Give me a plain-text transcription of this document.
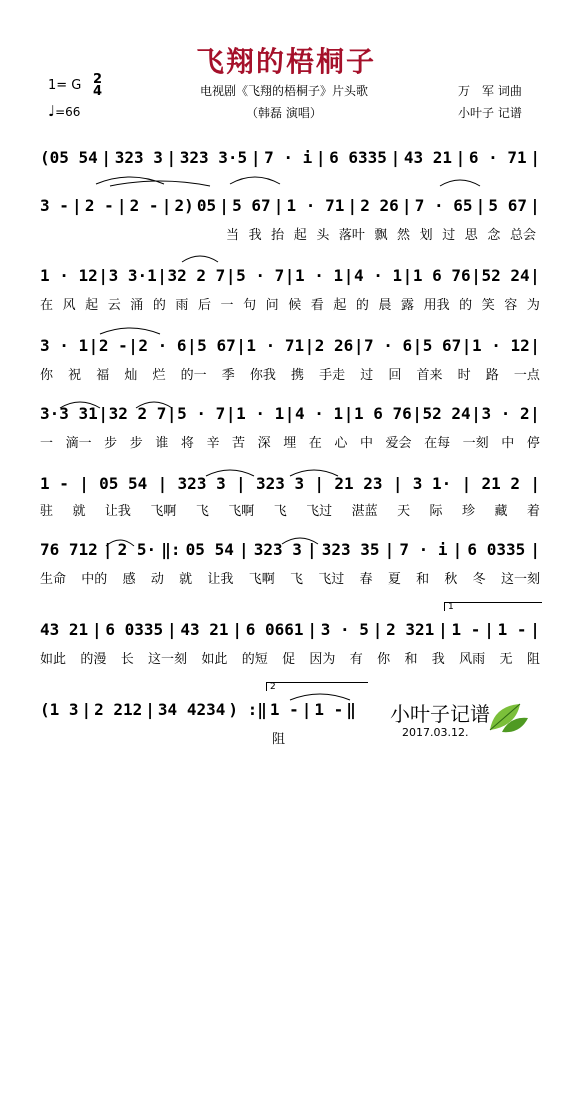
飞翔的梧桐子
1= G 2
4
♩=66
电视剧《飞翔的梧桐子》片头歌
（韩磊 演唱）
万　军 词曲
小叶子 记谱
(05 54 | 323 3 | 323 3·5 | 7 · i | 6 6335 | 43 21 | 6 · 71 |
3 - | 2 - | 2 - | 2) 05 | 5 67 | 1 · 71 | 2 26 | 7 · 65 | 5 67 |
当 我 抬 起 头 落叶 飘 然 划 过 思 念 总会
1 · 12 | 3 3·1 | 32 2 7 | 5 · 7 | 1 · 1 | 4 · 1 | 1 6 76 | 52 24 |
在 风 起 云 涌 的 雨 后 一 句 问 候 看 起 的 晨 露 用我 的 笑 容 为
3 · 1 | 2 - | 2 · 6 | 5 67 | 1 · 71 | 2 26 | 7 · 6 | 5 67 | 1 · 12 |
你 祝 福 灿 烂 的一 季 你我 携 手走 过 回 首来 时 路 一点
3·3 31 | 32 2 7 | 5 · 7 | 1 · 1 | 4 · 1 | 1 6 76 | 52 24 | 3 · 2 |
一 滴一 步 步 谁 将 辛 苦 深 埋 在 心 中 爱会 在每 一刻 中 停
1 - | 05 54 | 323 3 | 323 3 | 21 23 | 3 1· | 21 2 |
驻 就 让我 飞啊 飞 飞啊 飞 飞过 湛蓝 天 际 珍 藏 着
76 712 | 2 5· ‖: 05 54 | 323 3 | 323 35 | 7 · i | 6 0335 |
生命 中的 感 动 就 让我 飞啊 飞 飞过 春 夏 和 秋 冬 这一刻
43 21 | 6 0335 | 43 21 | 6 0661 | 3 · 5 | 2 321 | 1 - | 1 - |
如此 的漫 长 这一刻 如此 的短 促 因为 有 你 和 我 风雨 无 阻
(1 3 | 2 212 | 34 4234 ) :‖ 1 - | 1 - ‖
阻
1
2
小叶子记谱
2017.03.12.
